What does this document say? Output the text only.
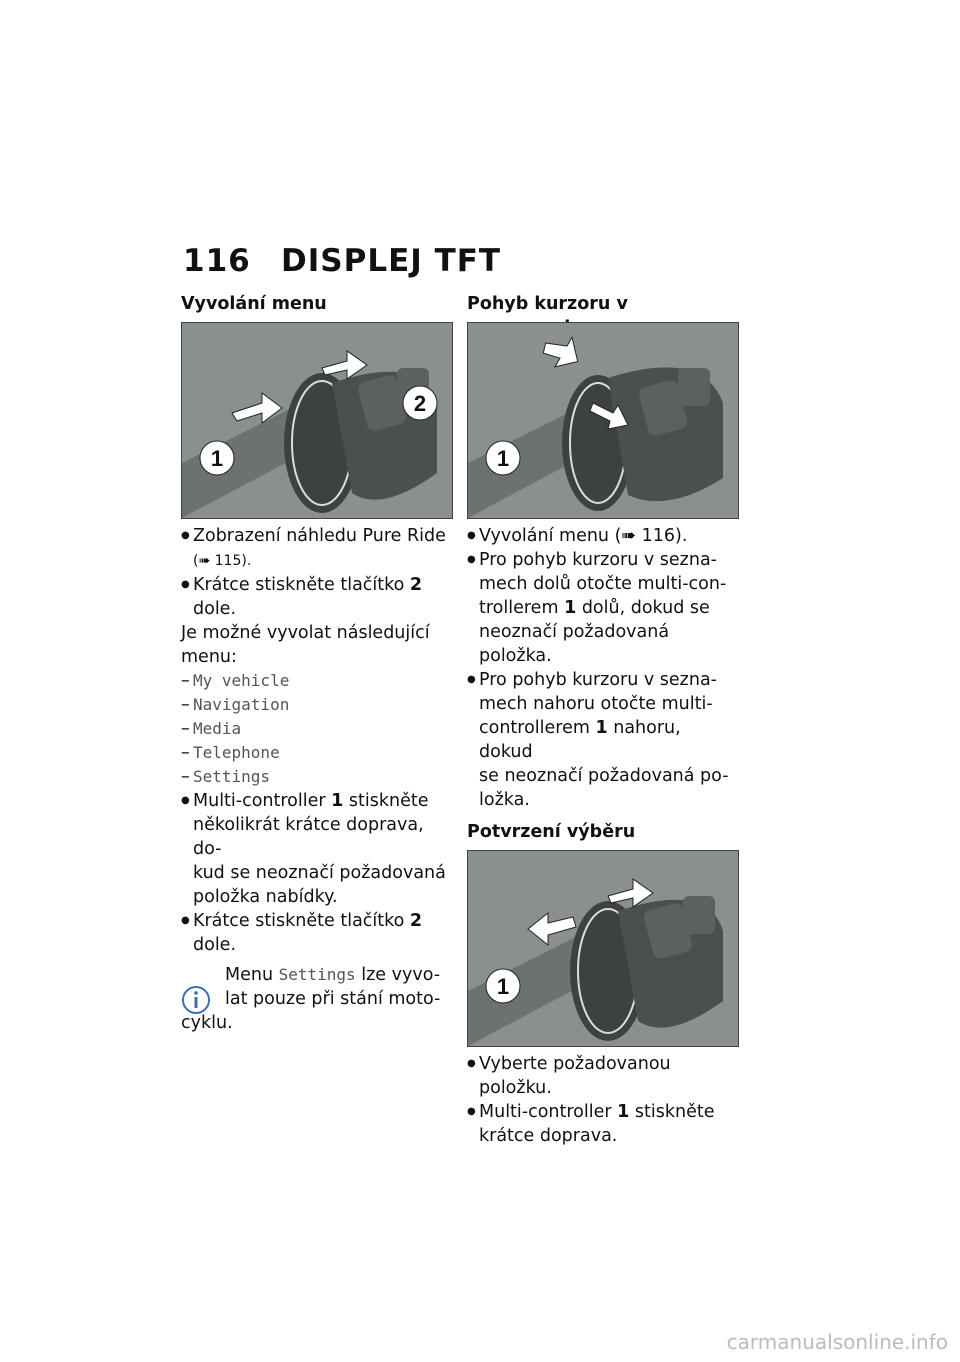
116 DISPLEJ TFT
Vyvolání menu
1
2
● Zobrazení náhledu Pure Ride
(➠ 115).
● Krátce stiskněte tlačítko 2
dole.
Je možné vyvolat následující
menu:
– My vehicle
– Navigation
– Media
– Telephone
– Settings
● Multi-controller 1 stiskněte
několikrát krátce doprava, do-
kud se neoznačí požadovaná
položka nabídky.
● Krátce stiskněte tlačítko 2
dole.
Menu Settings lze vyvo-
lat pouze při stání moto-

cyklu.
Pohyb kurzoru v
1
● Vyvolání menu (➠ 116).
● Pro pohyb kurzoru v sezna-
mech dolů otočte multi-con-
trollerem 1 dolů, dokud se
neoznačí požadovaná položka.
● Pro pohyb kurzoru v sezna-
mech nahoru otočte multi-
controllerem 1 nahoru, dokud
se neoznačí požadovaná po-
ložka.
Potvrzení výběru
1
● Vyberte požadovanou položku.
● Multi-controller 1 stiskněte
krátce doprava.
carmanualsonline.info
